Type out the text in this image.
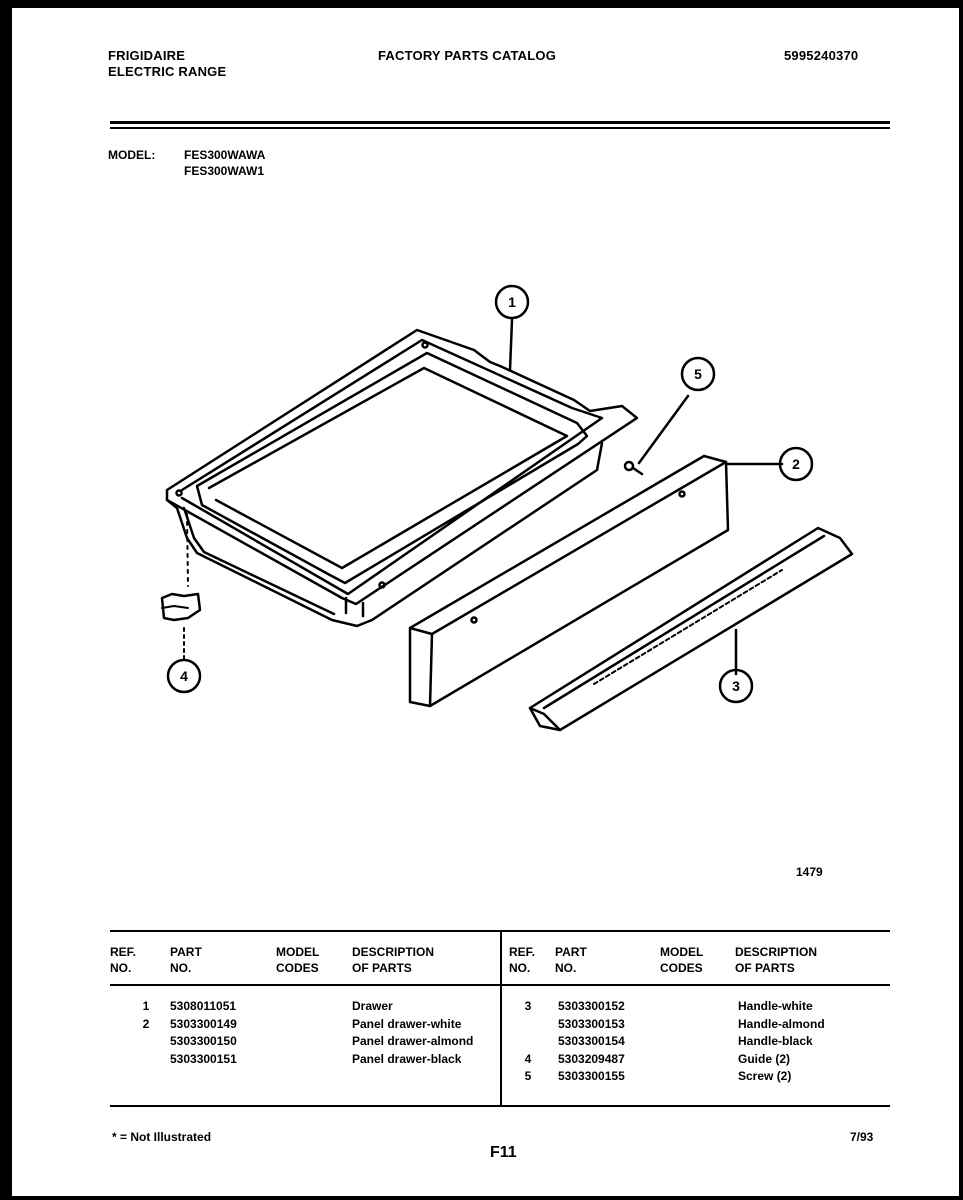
FRIGIDAIRE
ELECTRIC RANGE
FACTORY PARTS CATALOG	5995240370
MODEL: FES300WAWA
FES300WAW1
1
5
2
3
4
1479
REF.
NO.
PART
NO.
MODEL
CODES
DESCRIPTION
OF PARTS
REF.
NO.
PART
NO.
MODEL
CODES
DESCRIPTION
OF PARTS
1
2

5308011051
5303300149
5303300150
5303300151
Drawer
Panel drawer-white
Panel drawer-almond
Panel drawer-black
3

4
5
5303300152
5303300153
5303300154
5303209487
5303300155
Handle-white
Handle-almond
Handle-black
Guide (2)
Screw (2)
* = Not Illustrated
F11
7/93
